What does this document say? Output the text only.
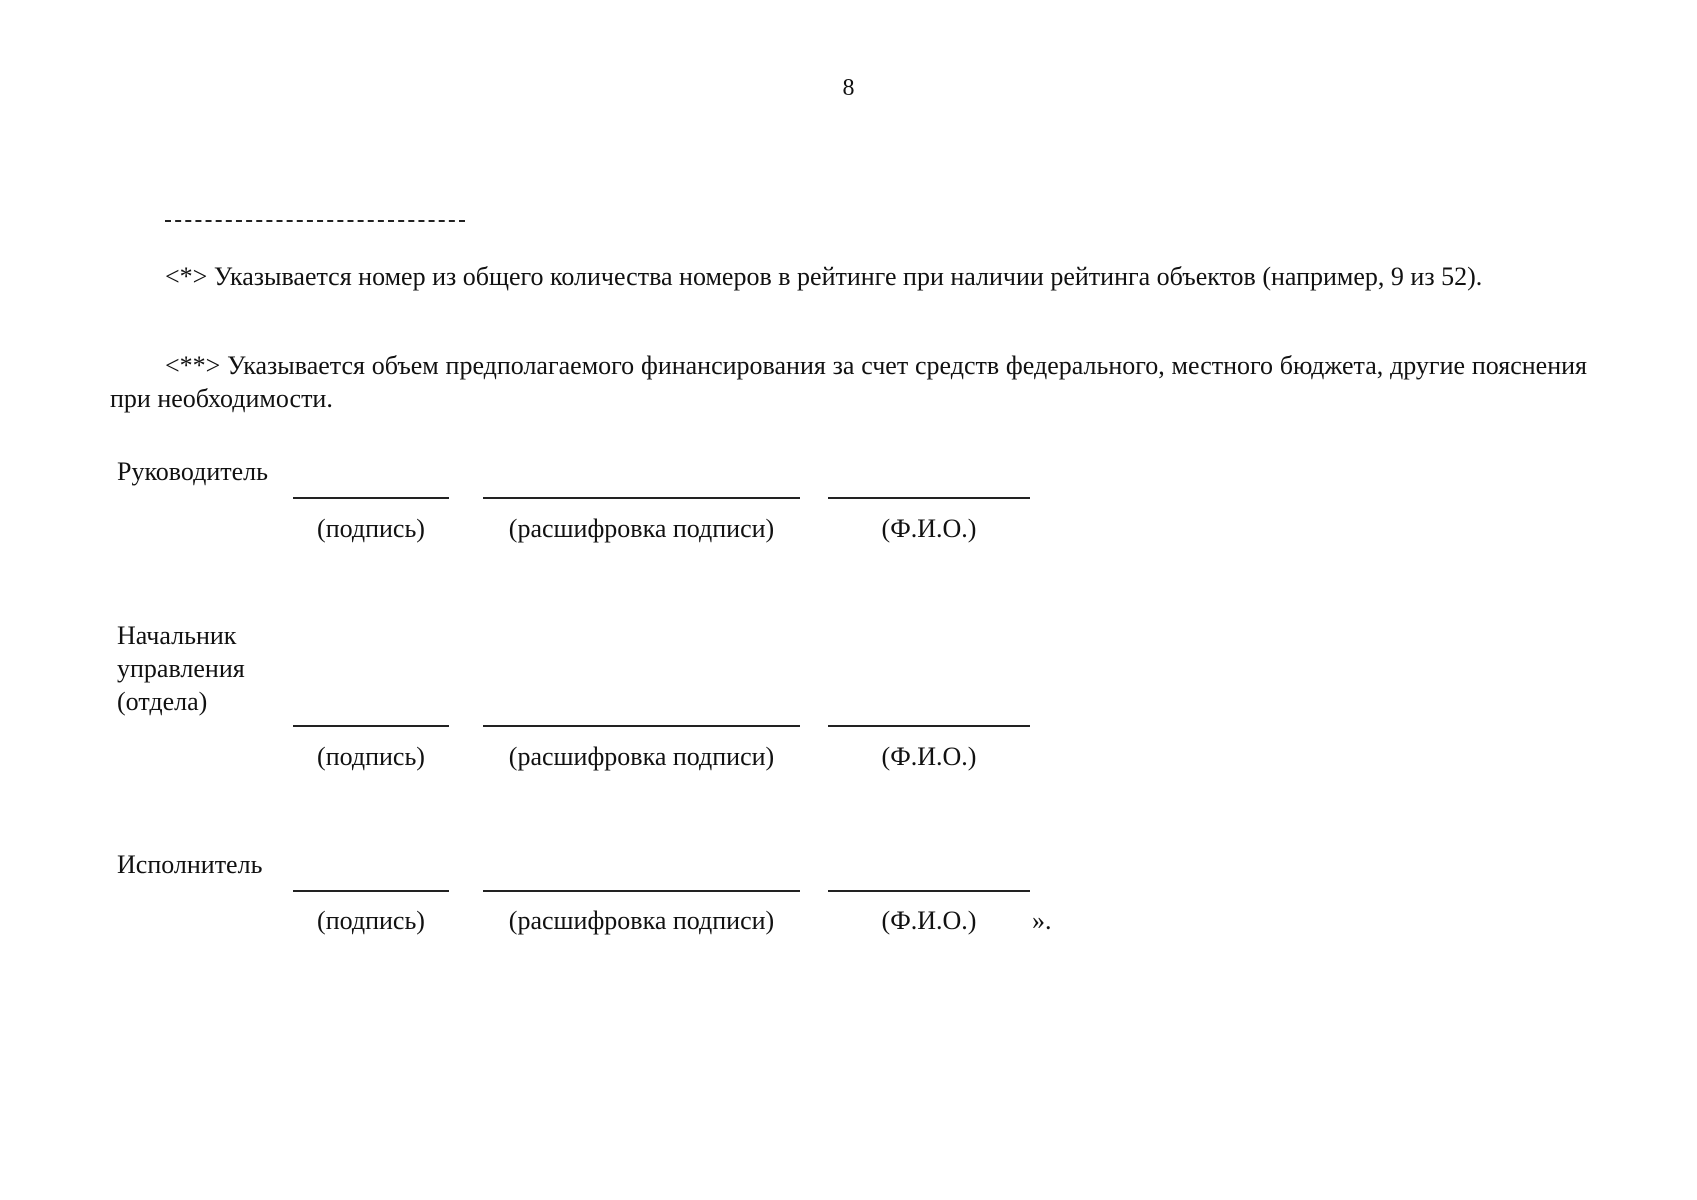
8

<*> Указывается номер из общего количества номеров в рейтинге при наличии рейтинга объектов (например, 9 из 52).

<**> Указывается объем предполагаемого финансирования за счет средств федерального, местного бюджета, другие пояснения при необходимости.

Руководитель

(подпись)	(расшифровка подписи)	(Ф.И.О.)

Начальник
управления
(отдела)

(подпись)	(расшифровка подписи)	(Ф.И.О.)

Исполнитель

(подпись)	(расшифровка подписи)	(Ф.И.О.)	».
